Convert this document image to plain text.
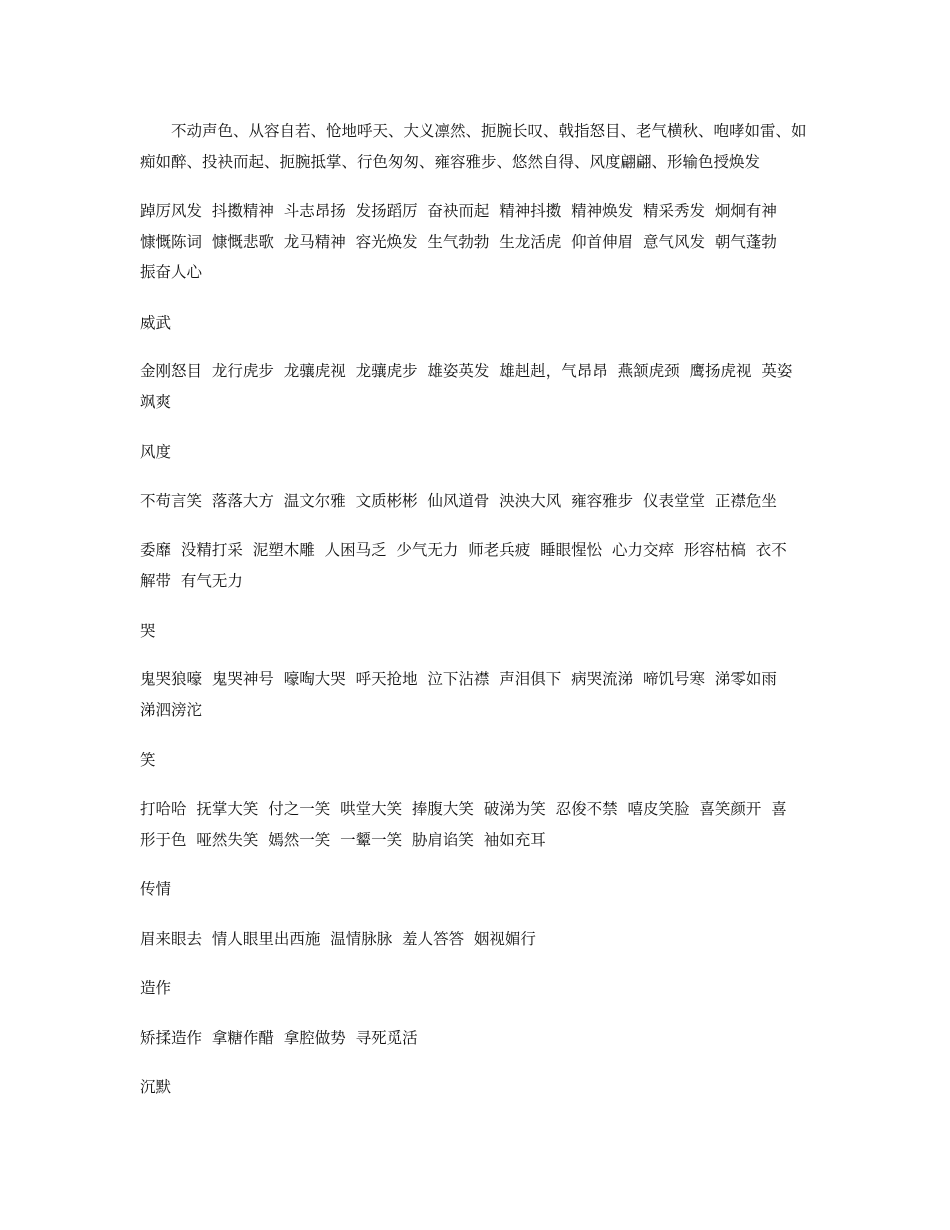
　　不动声色、从容自若、怆地呼天、大义凛然、扼腕长叹、戟指怒目、老气横秋、咆哮如雷、如痴如醉、投袂而起、扼腕抵掌、行色匆匆、雍容雅步、悠然自得、风度翩翩、形输色授焕发

踔厉风发  抖擞精神  斗志昂扬  发扬蹈厉  奋袂而起  精神抖擞  精神焕发  精采秀发  炯炯有神
慷慨陈词  慷慨悲歌  龙马精神  容光焕发  生气勃勃  生龙活虎  仰首伸眉  意气风发  朝气蓬勃
振奋人心

威武

金刚怒目  龙行虎步  龙骧虎视  龙骧虎步  雄姿英发  雄赳赳，气昂昂  燕颔虎颈  鹰扬虎视  英姿
飒爽

风度

不苟言笑  落落大方  温文尔雅  文质彬彬  仙风道骨  泱泱大风  雍容雅步  仪表堂堂  正襟危坐

委靡  没精打采  泥塑木雕  人困马乏  少气无力  师老兵疲  睡眼惺忪  心力交瘁  形容枯槁  衣不
解带  有气无力

哭

鬼哭狼嚎  鬼哭神号  嚎啕大哭  呼天抢地  泣下沾襟  声泪俱下  病哭流涕  啼饥号寒  涕零如雨
涕泗滂沱

笑

打哈哈  抚掌大笑  付之一笑  哄堂大笑  捧腹大笑  破涕为笑  忍俊不禁  嘻皮笑脸  喜笑颜开  喜
形于色  哑然失笑  嫣然一笑  一颦一笑  胁肩谄笑  袖如充耳

传情

眉来眼去  情人眼里出西施  温情脉脉  羞人答答  姻视媚行

造作

矫揉造作  拿糖作醋  拿腔做势  寻死觅活

沉默
